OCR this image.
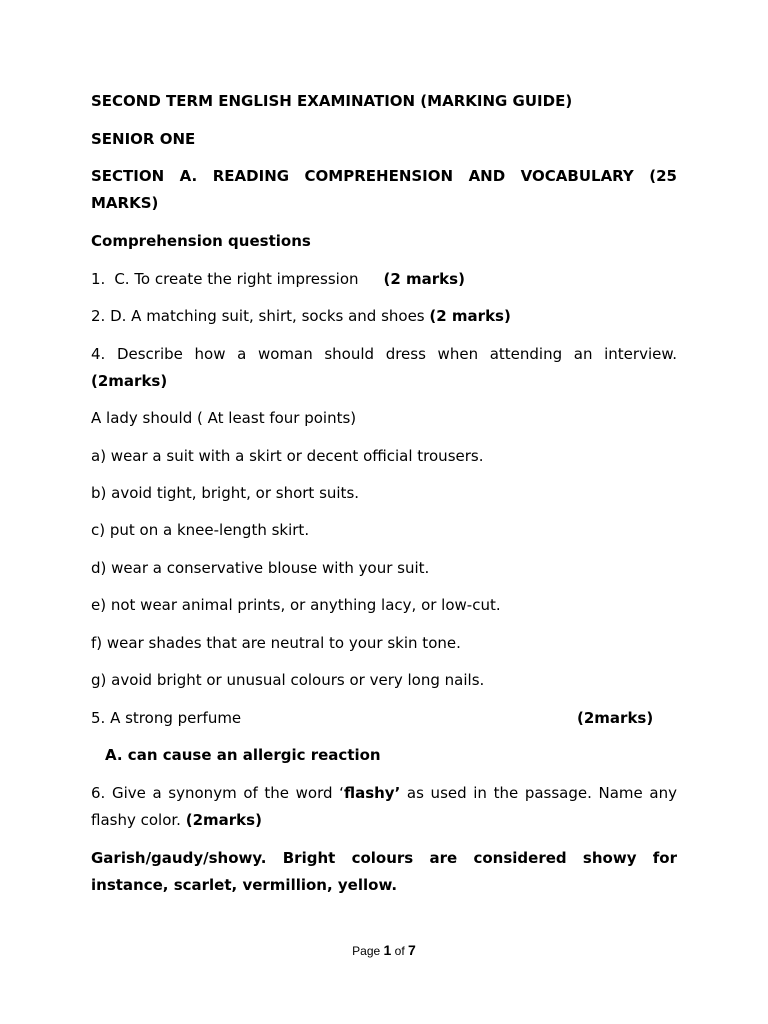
SECOND TERM ENGLISH EXAMINATION (MARKING GUIDE)

SENIOR ONE

SECTION A. READING COMPREHENSION AND VOCABULARY (25 MARKS)

Comprehension questions

1. C. To create the right impression (2 marks)

2. D. A matching suit, shirt, socks and shoes (2 marks)

4. Describe how a woman should dress when attending an interview. (2marks)

A lady should ( At least four points)

a) wear a suit with a skirt or decent official trousers.

b) avoid tight, bright, or short suits.

c) put on a knee-length skirt.

d) wear a conservative blouse with your suit.

e) not wear animal prints, or anything lacy, or low-cut.

f) wear shades that are neutral to your skin tone.

g) avoid bright or unusual colours or very long nails.

5. A strong perfume	(2marks)

A. can cause an allergic reaction

6. Give a synonym of the word ‘flashy’ as used in the passage. Name any flashy color. (2marks)

Garish/gaudy/showy. Bright colours are considered showy for instance, scarlet, vermillion, yellow.

Page 1 of 7
